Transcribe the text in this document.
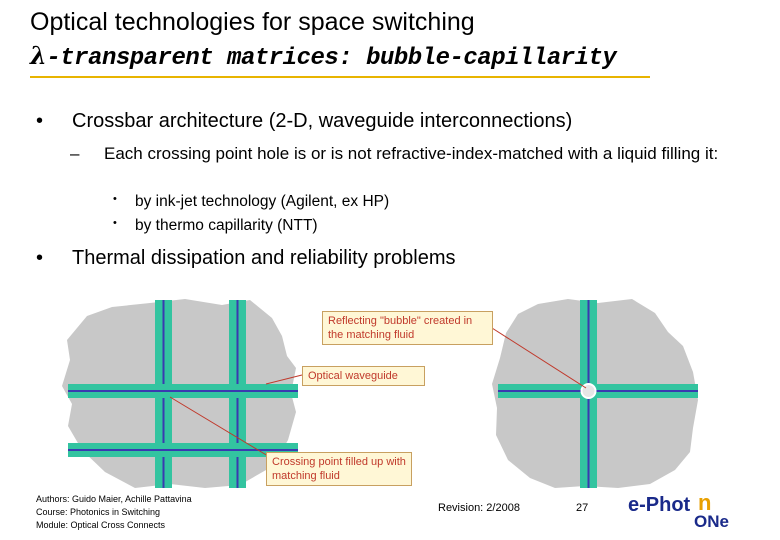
Optical technologies for space switching
λ-transparent matrices: bubble-capillarity
• Crossbar architecture (2-D, waveguide interconnections)
– Each crossing point hole is or is not refractive-index-matched with a liquid filling it:
• by ink-jet technology (Agilent, ex HP)
• by thermo capillarity (NTT)
• Thermal dissipation and reliability problems
Reflecting "bubble" created in the matching fluid
Optical waveguide
Crossing point filled up with matching fluid
Authors: Guido Maier, Achille Pattavina
Course: Photonics in Switching
Module: Optical Cross Connects
Revision: 2/2008	27 e-Phot n
ONe
